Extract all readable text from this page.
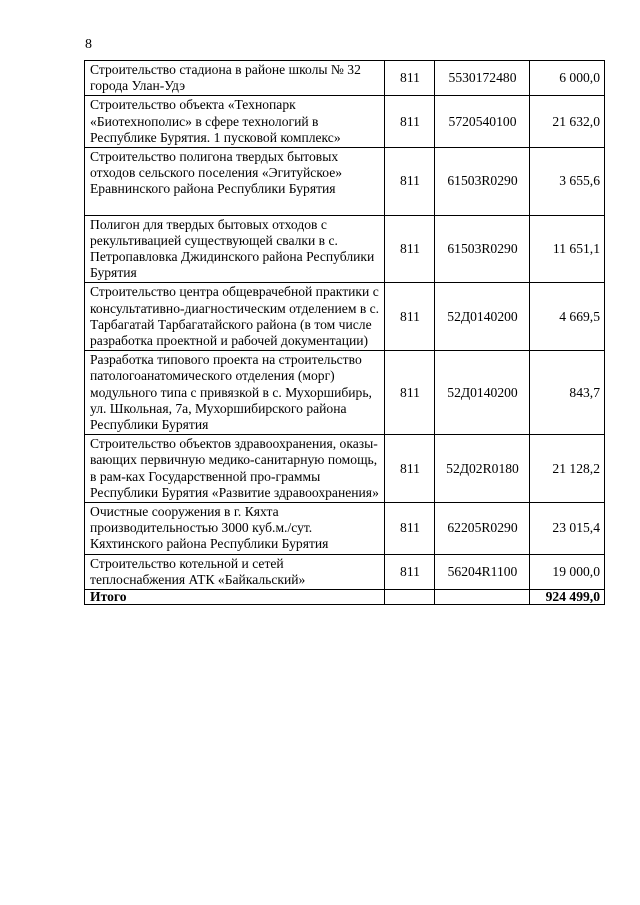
8
Строительство стадиона в районе школы № 32 города Улан-Удэ	811	5530172480	6 000,0
Строительство объекта «Технопарк «Биотехнополис» в сфере технологий в Республике Бурятия. 1 пусковой комплекс»	811	5720540100	21 632,0
Строительство полигона твердых бытовых отходов сельского поселения «Эгитуйское» Еравнинского района Республики Бурятия	811	61503R0290	3 655,6
Полигон для твердых бытовых отходов с рекультивацией существующей свалки в с. Петропавловка Джидинского района Республики Бурятия	811	61503R0290	11 651,1
Строительство центра общеврачебной практики с консультативно-диагностическим отделением в с. Тарбагатай Тарбагатайского района (в том числе разработка проектной и рабочей документации)	811	52Д0140200	4 669,5
Разработка типового проекта на строительство патологоанатомического отделения (морг) модульного типа с привязкой в с. Мухоршибирь, ул. Школьная, 7а, Мухоршибирского района Республики Бурятия	811	52Д0140200	843,7
Строительство объектов здравоохранения, оказы-вающих первичную медико-санитарную помощь, в рам-ках Государственной про-граммы Республики Бурятия «Развитие здравоохранения»	811	52Д02R0180	21 128,2
Очистные сооружения в г. Кяхта производительностью 3000 куб.м./сут. Кяхтинского района Республики Бурятия	811	62205R0290	23 015,4
Строительство котельной и сетей теплоснабжения АТК «Байкальский»	811	56204R1100	19 000,0
Итого			924 499,0
